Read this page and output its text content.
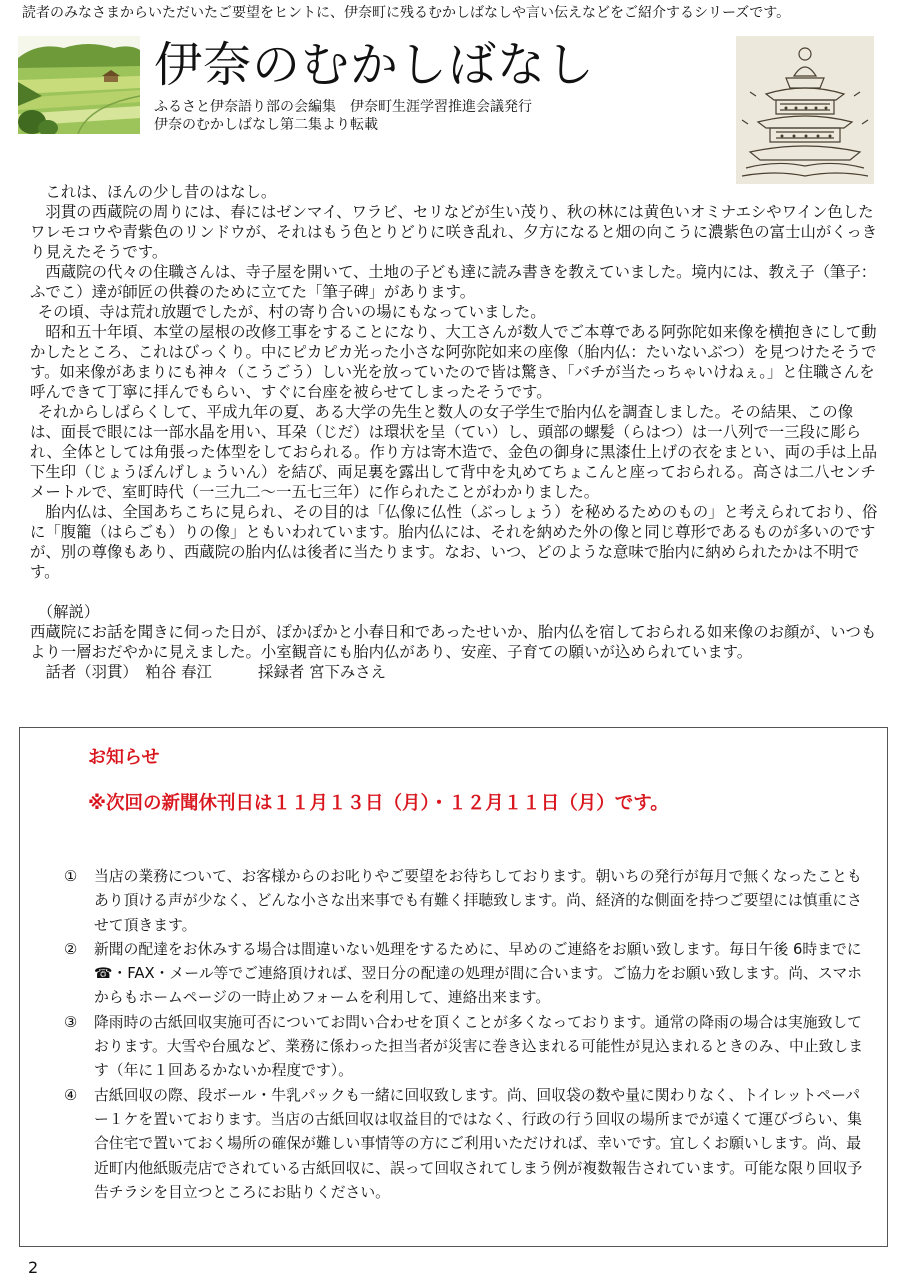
読者のみなさまからいただいたご要望をヒントに、伊奈町に残るむかしばなしや言い伝えなどをご紹介するシリーズです。
伊奈のむかしばなし
ふるさと伊奈語り部の会編集　伊奈町生涯学習推進会議発行
伊奈のむかしばなし第二集より転載

これは、ほんの少し昔のはなし。

羽貫の西蔵院の周りには、春にはゼンマイ、ワラビ、セリなどが生い茂り、秋の林には黄色いオミナエシやワイン色したワレモコウや青紫色のリンドウが、それはもう色とりどりに咲き乱れ、夕方になると畑の向こうに濃紫色の富士山がくっきり見えたそうです。

西蔵院の代々の住職さんは、寺子屋を開いて、土地の子ども達に読み書きを教えていました。境内には、教え子（筆子：ふでこ）達が師匠の供養のために立てた「筆子碑」があります。

その頃、寺は荒れ放題でしたが、村の寄り合いの場にもなっていました。

昭和五十年頃、本堂の屋根の改修工事をすることになり、大工さんが数人でご本尊である阿弥陀如来像を横抱きにして動かしたところ、これはびっくり。中にピカピカ光った小さな阿弥陀如来の座像（胎内仏：たいないぶつ）を見つけたそうです。如来像があまりにも神々（こうごう）しい光を放っていたので皆は驚き、「バチが当たっちゃいけねぇ。」と住職さんを呼んできて丁寧に拝んでもらい、すぐに台座を被らせてしまったそうです。

それからしばらくして、平成九年の夏、ある大学の先生と数人の女子学生で胎内仏を調査しました。その結果、この像は、面長で眼には一部水晶を用い、耳朶（じだ）は環状を呈（てい）し、頭部の螺髪（らはつ）は一八列で一三段に彫られ、全体としては角張った体型をしておられる。作り方は寄木造で、金色の御身に黒漆仕上げの衣をまとい、両の手は上品下生印（じょうぼんげしょういん）を結び、両足裏を露出して背中を丸めてちょこんと座っておられる。高さは二八センチメートルで、室町時代（一三九二～一五七三年）に作られたことがわかりました。

胎内仏は、全国あちこちに見られ、その目的は「仏像に仏性（ぶっしょう）を秘めるためのもの」と考えられており、俗に「腹籠（はらごも）りの像」ともいわれています。胎内仏には、それを納めた外の像と同じ尊形であるものが多いのですが、別の尊像もあり、西蔵院の胎内仏は後者に当たります。なお、いつ、どのような意味で胎内に納められたかは不明です。

（解説）

西蔵院にお話を聞きに伺った日が、ぽかぽかと小春日和であったせいか、胎内仏を宿しておられる如来像のお顔が、いつもより一層おだやかに見えました。小室観音にも胎内仏があり、安産、子育ての願いが込められています。

話者（羽貫）　粕谷 春江　　　採録者 宮下みさえ

お知らせ
※次回の新聞休刊日は１１月１３日（月）・１２月１１日（月）です。
①	当店の業務について、お客様からのお叱りやご要望をお待ちしております。朝いちの発行が毎月で無くなったこともあり頂ける声が少なく、どんな小さな出来事でも有難く拝聴致します。尚、経済的な側面を持つご要望には慎重にさせて頂きます。
②	新聞の配達をお休みする場合は間違いない処理をするために、早めのご連絡をお願い致します。毎日午後 6時までに☎・FAX・メール等でご連絡頂ければ、翌日分の配達の処理が間に合います。ご協力をお願い致します。尚、スマホからもホームページの一時止めフォームを利用して、連絡出来ます。
③	降雨時の古紙回収実施可否についてお問い合わせを頂くことが多くなっております。通常の降雨の場合は実施致しております。大雪や台風など、業務に係わった担当者が災害に巻き込まれる可能性が見込まれるときのみ、中止致します（年に１回あるかないか程度です）。
④	古紙回収の際、段ボール・牛乳パックも一緒に回収致します。尚、回収袋の数や量に関わりなく、トイレットペーパー１ケを置いております。当店の古紙回収は収益目的ではなく、行政の行う回収の場所までが遠くて運びづらい、集合住宅で置いておく場所の確保が難しい事情等の方にご利用いただければ、幸いです。宜しくお願いします。尚、最近町内他紙販売店でされている古紙回収に、誤って回収されてしまう例が複数報告されています。可能な限り回収予告チラシを目立つところにお貼りください。
2
